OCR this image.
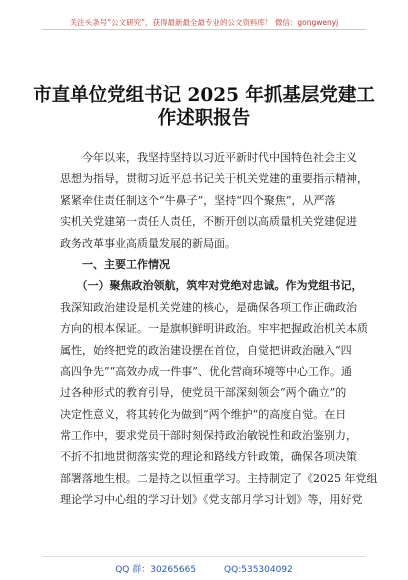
关注头条号“公文研究”，获得最新最全最专业的公文资料库！ 微信：gongwenyj
市直单位党组书记 2025 年抓基层党建工
作述职报告
　　今年以来，我坚持坚持以习近平新时代中国特色社会主义
思想为指导，贯彻习近平总书记关于机关党建的重要指示精神，
紧紧牵住责任制这个“牛鼻子”，坚持“四个聚焦”，从严落
实机关党建第一责任人责任，不断开创以高质量机关党建促进
政务改革事业高质量发展的新局面。
　　一、主要工作情况
　　（一）聚焦政治领航，筑牢对党绝对忠诚。作为党组书记，
我深知政治建设是机关党建的核心，是确保各项工作正确政治
方向的根本保证。一是旗帜鲜明讲政治。牢牢把握政治机关本质
属性，始终把党的政治建设摆在首位，自觉把讲政治融入“四
高四争先”“高效办成一件事”、优化营商环境等中心工作。通
过各种形式的教育引导，使党员干部深刻领会“两个确立”的
决定性意义，将其转化为做到“两个维护”的高度自觉。在日
常工作中，要求党员干部时刻保持政治敏锐性和政治鉴别力，
不折不扣地贯彻落实党的理论和路线方针政策，确保各项决策
部署落地生根。二是持之以恒重学习。主持制定了《2025 年党组
理论学习中心组的学习计划》《党支部月学习计划》等，用好党
QQ 群：30265665	QQ:535304092
